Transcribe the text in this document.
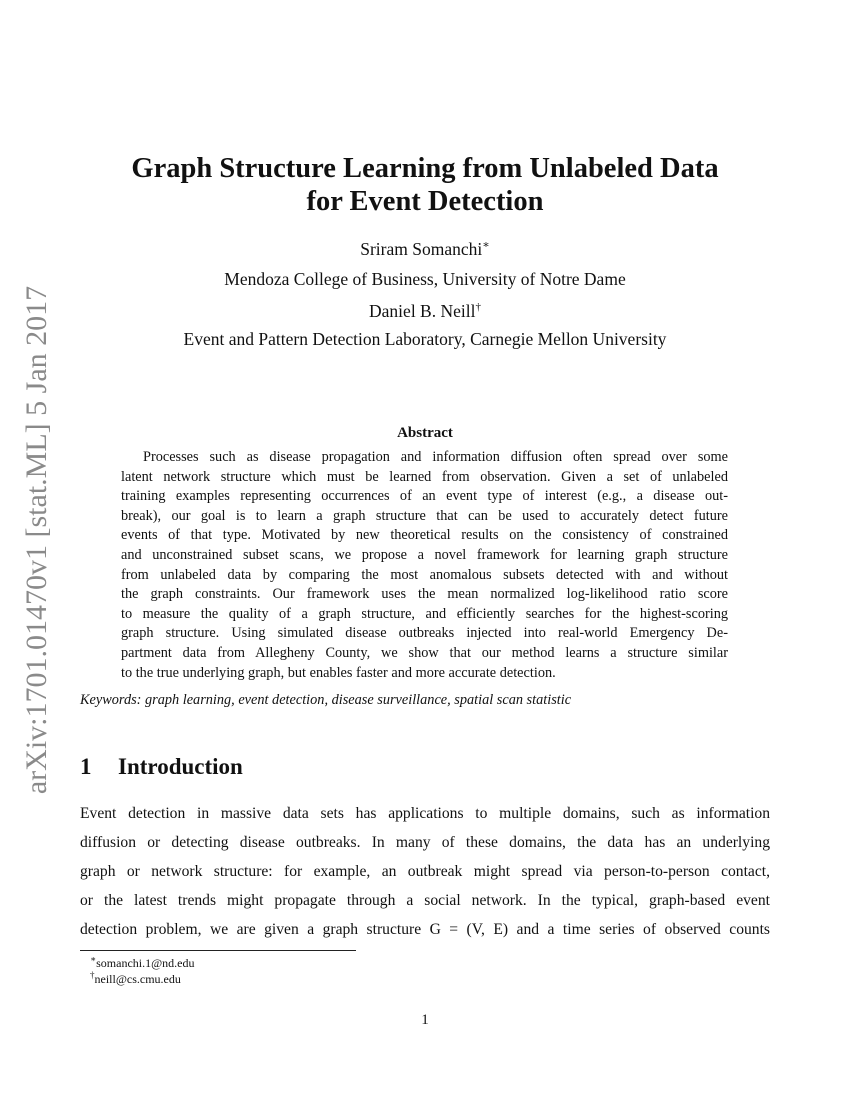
arXiv:1701.01470v1 [stat.ML] 5 Jan 2017
Graph Structure Learning from Unlabeled Data
for Event Detection
Sriram Somanchi∗
Mendoza College of Business, University of Notre Dame
Daniel B. Neill†
Event and Pattern Detection Laboratory, Carnegie Mellon University
Abstract
Processes such as disease propagation and information diffusion often spread over some
latent network structure which must be learned from observation. Given a set of unlabeled
training examples representing occurrences of an event type of interest (e.g., a disease out-
break), our goal is to learn a graph structure that can be used to accurately detect future
events of that type. Motivated by new theoretical results on the consistency of constrained
and unconstrained subset scans, we propose a novel framework for learning graph structure
from unlabeled data by comparing the most anomalous subsets detected with and without
the graph constraints. Our framework uses the mean normalized log-likelihood ratio score
to measure the quality of a graph structure, and efficiently searches for the highest-scoring
graph structure. Using simulated disease outbreaks injected into real-world Emergency De-
partment data from Allegheny County, we show that our method learns a structure similar
to the true underlying graph, but enables faster and more accurate detection.
Keywords: graph learning, event detection, disease surveillance, spatial scan statistic
1 Introduction
Event detection in massive data sets has applications to multiple domains, such as information
diffusion or detecting disease outbreaks. In many of these domains, the data has an underlying
graph or network structure: for example, an outbreak might spread via person-to-person contact,
or the latest trends might propagate through a social network. In the typical, graph-based event
detection problem, we are given a graph structure G = (V, E) and a time series of observed counts
∗somanchi.1@nd.edu
†neill@cs.cmu.edu
1
